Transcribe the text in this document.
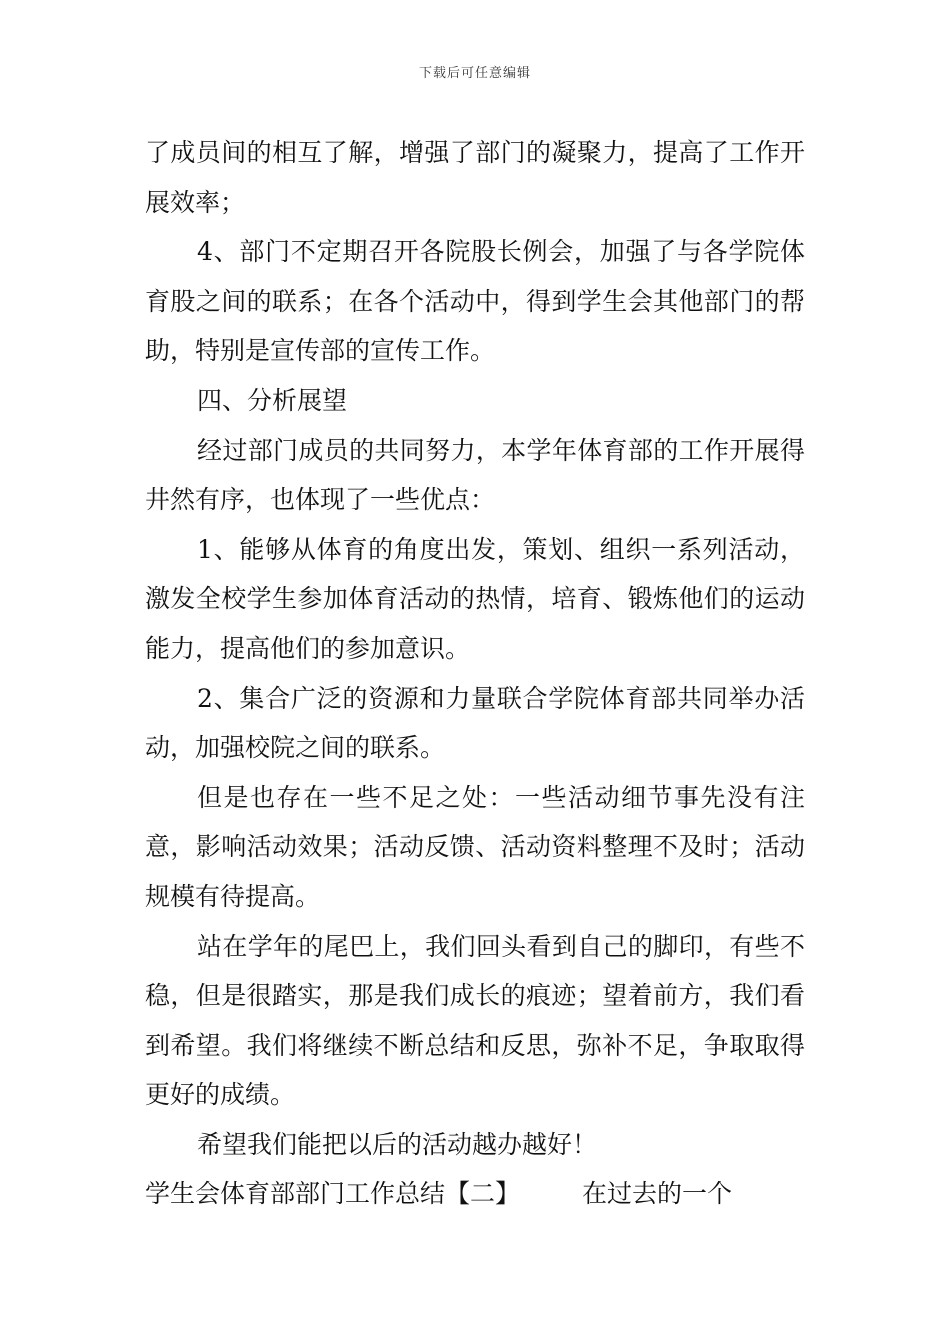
下载后可任意编辑

了成员间的相互了解，增强了部门的凝聚力，提高了工作开展效率；

4、部门不定期召开各院股长例会，加强了与各学院体育股之间的联系；在各个活动中，得到学生会其他部门的帮助，特别是宣传部的宣传工作。

四、分析展望

经过部门成员的共同努力，本学年体育部的工作开展得井然有序，也体现了一些优点：

1、能够从体育的角度出发，策划、组织一系列活动，激发全校学生参加体育活动的热情，培育、锻炼他们的运动能力，提高他们的参加意识。

2、集合广泛的资源和力量联合学院体育部共同举办活动，加强校院之间的联系。

但是也存在一些不足之处：一些活动细节事先没有注意，影响活动效果；活动反馈、活动资料整理不及时；活动规模有待提高。

站在学年的尾巴上，我们回头看到自己的脚印，有些不稳，但是很踏实，那是我们成长的痕迹；望着前方，我们看到希望。我们将继续不断总结和反思，弥补不足，争取取得更好的成绩。

希望我们能把以后的活动越办越好！

学生会体育部部门工作总结【二】 在过去的一个
